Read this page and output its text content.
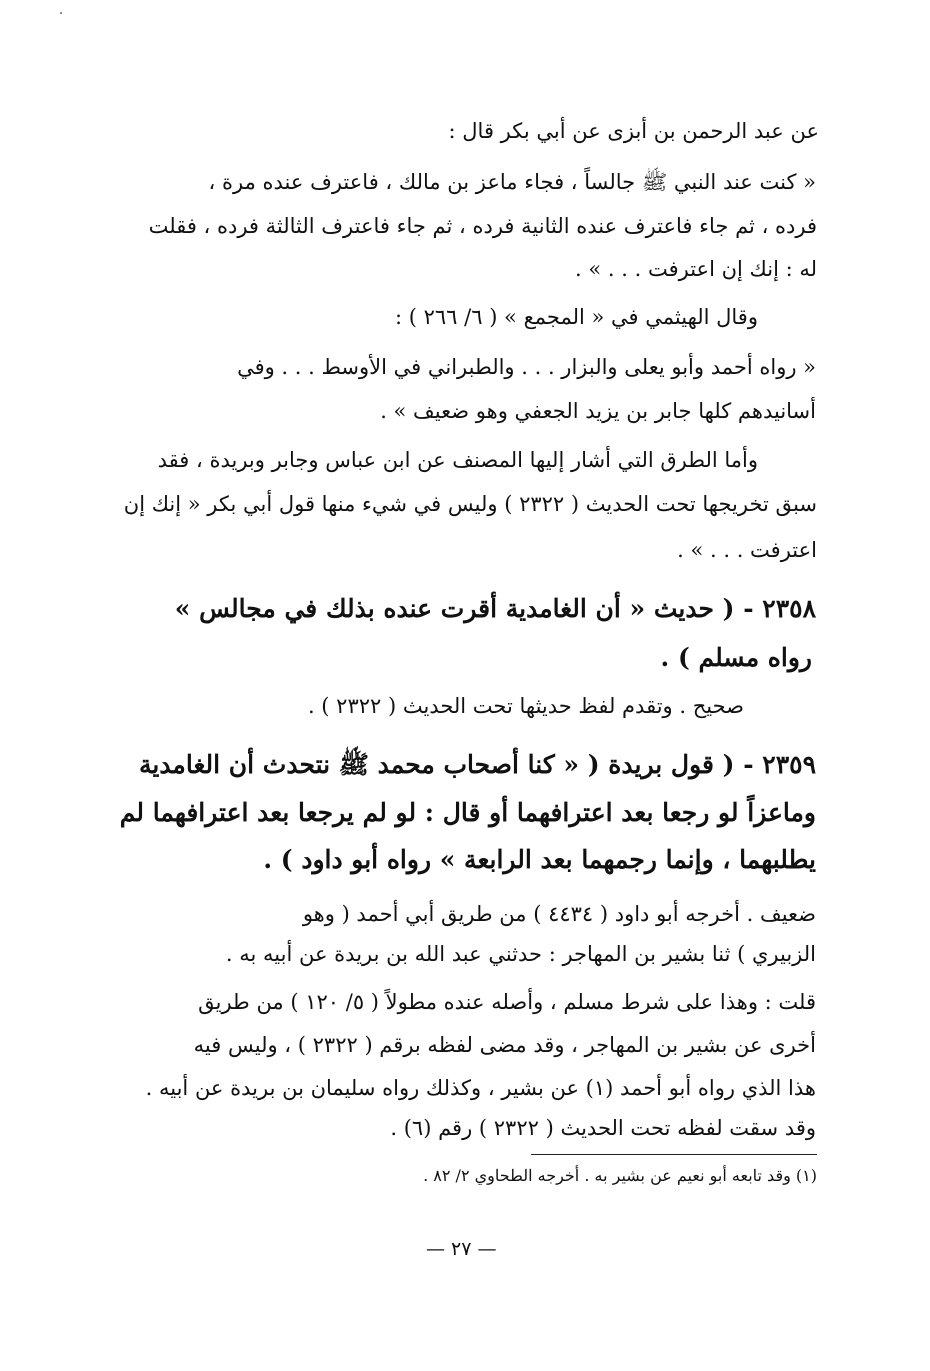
عن عبد الرحمن بن أبزى عن أبي بكر قال :
« كنت عند النبي ﷺ جالساً ، فجاء ماعز بن مالك ، فاعترف عنده مرة ،
فرده ، ثم جاء فاعترف عنده الثانية فرده ، ثم جاء فاعترف الثالثة فرده ، فقلت
له : إنك إن اعترفت . . . » .
وقال الهيثمي في « المجمع » ( ٦/ ٢٦٦ ) :
« رواه أحمد وأبو يعلى والبزار . . . والطبراني في الأوسط . . . وفي
أسانيدهم كلها جابر بن يزيد الجعفي وهو ضعيف » .
وأما الطرق التي أشار إليها المصنف عن ابن عباس وجابر وبريدة ، فقد
سبق تخريجها تحت الحديث ( ٢٣٢٢ ) وليس في شيء منها قول أبي بكر « إنك إن
اعترفت . . . » .
٢٣٥٨ - ( حديث « أن الغامدية أقرت عنده بذلك في مجالس »
رواه مسلم ) .
صحيح . وتقدم لفظ حديثها تحت الحديث ( ٢٣٢٢ ) .
٢٣٥٩ - ( قول بريدة ( « كنا أصحاب محمد ﷺ نتحدث أن الغامدية
وماعزاً لو رجعا بعد اعترافهما أو قال : لو لم يرجعا بعد اعترافهما لم
يطلبهما ، وإنما رجمهما بعد الرابعة » رواه أبو داود ) .
ضعيف . أخرجه أبو داود ( ٤٤٣٤ ) من طريق أبي أحمد ( وهو
الزبيري ) ثنا بشير بن المهاجر : حدثني عبد الله بن بريدة عن أبيه به .
قلت : وهذا على شرط مسلم ، وأصله عنده مطولاً ( ٥/ ١٢٠ ) من طريق
أخرى عن بشير بن المهاجر ، وقد مضى لفظه برقم ( ٢٣٢٢ ) ، وليس فيه
هذا الذي رواه أبو أحمد (١) عن بشير ، وكذلك رواه سليمان بن بريدة عن أبيه .
وقد سقت لفظه تحت الحديث ( ٢٣٢٢ ) رقم (٦) .
(١) وقد تابعه أبو نعيم عن بشير به . أخرجه الطحاوي ٢/ ٨٢ .
— ٢٧ —
